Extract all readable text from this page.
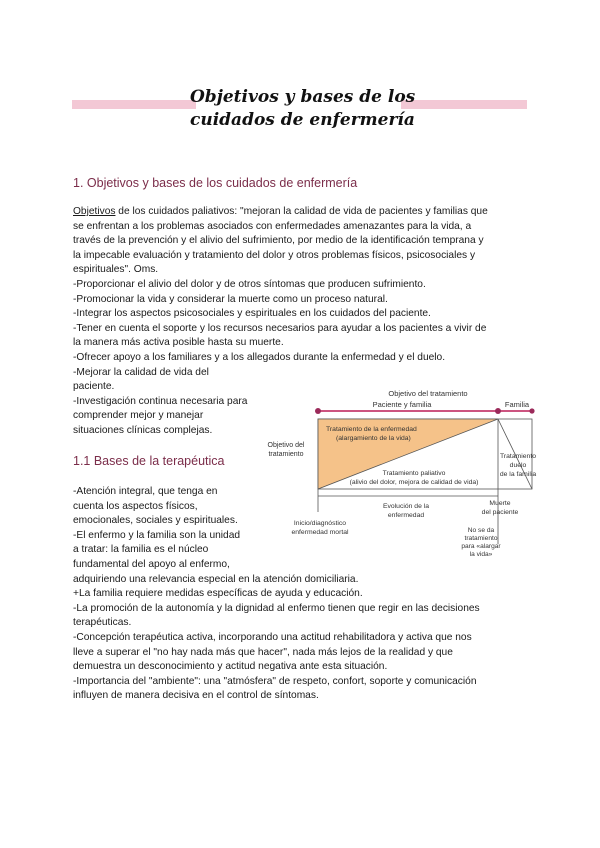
Objetivos y bases de los
cuidados de enfermería
1. Objetivos y bases de los cuidados de enfermería
Objetivos de los cuidados paliativos: "mejoran la calidad de vida de pacientes y familias que
se enfrentan a los problemas asociados con enfermedades amenazantes para la vida, a
través de la prevención y el alivio del sufrimiento, por medio de la identificación temprana y
la impecable evaluación y tratamiento del dolor y otros problemas físicos, psicosociales y
espirituales". Oms.
-Proporcionar el alivio del dolor y de otros síntomas que producen sufrimiento.
-Promocionar la vida y considerar la muerte como un proceso natural.
-Integrar los aspectos psicosociales y espirituales en los cuidados del paciente.
-Tener en cuenta el soporte y los recursos necesarios para ayudar a los pacientes a vivir de
la manera más activa posible hasta su muerte.
-Ofrecer apoyo a los familiares y a los allegados durante la enfermedad y el duelo.
-Mejorar la calidad de vida del
paciente.
-Investigación continua necesaria para
comprender mejor y manejar
situaciones clínicas complejas.
1.1 Bases de la terapéutica
-Atención integral, que tenga en
cuenta los aspectos físicos,
emocionales, sociales y espirituales.
-El enfermo y la familia son la unidad
a tratar: la familia es el núcleo
fundamental del apoyo al enfermo,
adquiriendo una relevancia especial en la atención domiciliaria.
+La familia requiere medidas específicas de ayuda y educación.
-La promoción de la autonomía y la dignidad al enfermo tienen que regir en las decisiones
terapéuticas.
-Concepción terapéutica activa, incorporando una actitud rehabilitadora y activa que nos
lleve a superar el "no hay nada más que hacer", nada más lejos de la realidad y que
demuestra un desconocimiento y actitud negativa ante esta situación.
-Importancia del "ambiente": una "atmósfera" de respeto, confort, soporte y comunicación
influyen de manera decisiva en el control de síntomas.
Objetivo del tratamiento
Paciente y familia	Familia
Objetivo del
tratamiento
Tratamiento de la enfermedad
(alargamiento de la vida)
Tratamiento paliativo
(alivio del dolor, mejora de calidad de vida)
Tratamiento
duelo
de la familia
Inicio/diagnóstico
enfermedad mortal
Evolución de la
enfermedad
Muerte
del paciente
No se da
tratamiento
para «alargar
la vida»
